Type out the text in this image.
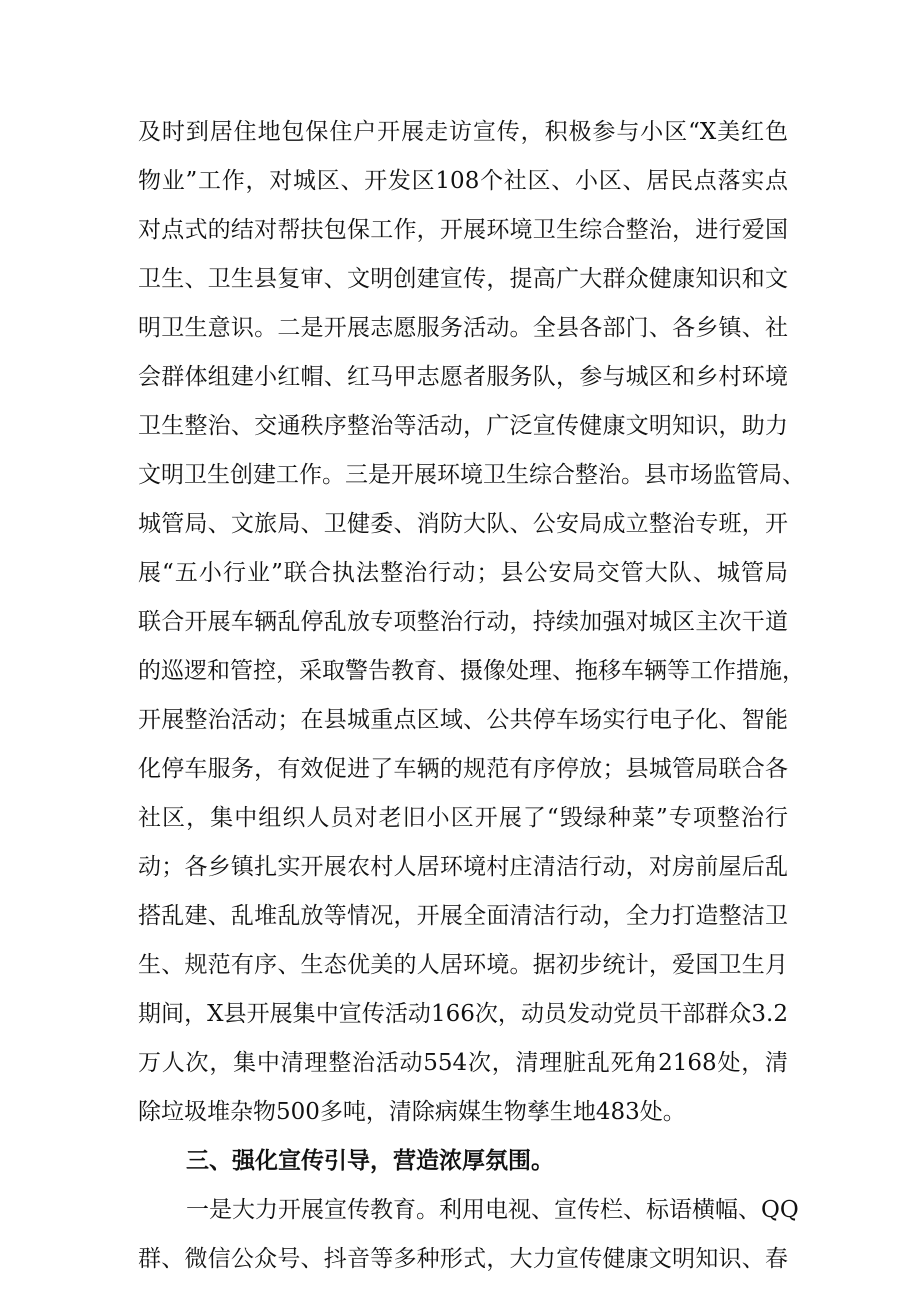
及时到居住地包保住户开展走访宣传，积极参与小区“X美红色
物业”工作，对城区、开发区108个社区、小区、居民点落实点
对点式的结对帮扶包保工作，开展环境卫生综合整治，进行爱国
卫生、卫生县复审、文明创建宣传，提高广大群众健康知识和文
明卫生意识。二是开展志愿服务活动。全县各部门、各乡镇、社
会群体组建小红帽、红马甲志愿者服务队，参与城区和乡村环境
卫生整治、交通秩序整治等活动，广泛宣传健康文明知识，助力
文明卫生创建工作。三是开展环境卫生综合整治。县市场监管局、
城管局、文旅局、卫健委、消防大队、公安局成立整治专班，开
展“五小行业”联合执法整治行动；县公安局交管大队、城管局
联合开展车辆乱停乱放专项整治行动，持续加强对城区主次干道
的巡逻和管控，采取警告教育、摄像处理、拖移车辆等工作措施，
开展整治活动；在县城重点区域、公共停车场实行电子化、智能
化停车服务，有效促进了车辆的规范有序停放；县城管局联合各
社区，集中组织人员对老旧小区开展了“毁绿种菜”专项整治行
动；各乡镇扎实开展农村人居环境村庄清洁行动，对房前屋后乱
搭乱建、乱堆乱放等情况，开展全面清洁行动，全力打造整洁卫
生、规范有序、生态优美的人居环境。据初步统计，爱国卫生月
期间，X县开展集中宣传活动166次，动员发动党员干部群众3.2
万人次，集中清理整治活动554次，清理脏乱死角2168处，清
除垃圾堆杂物500多吨，清除病媒生物孳生地483处。
三、强化宣传引导，营造浓厚氛围。
一是大力开展宣传教育。利用电视、宣传栏、标语横幅、QQ
群、微信公众号、抖音等多种形式，大力宣传健康文明知识、春
